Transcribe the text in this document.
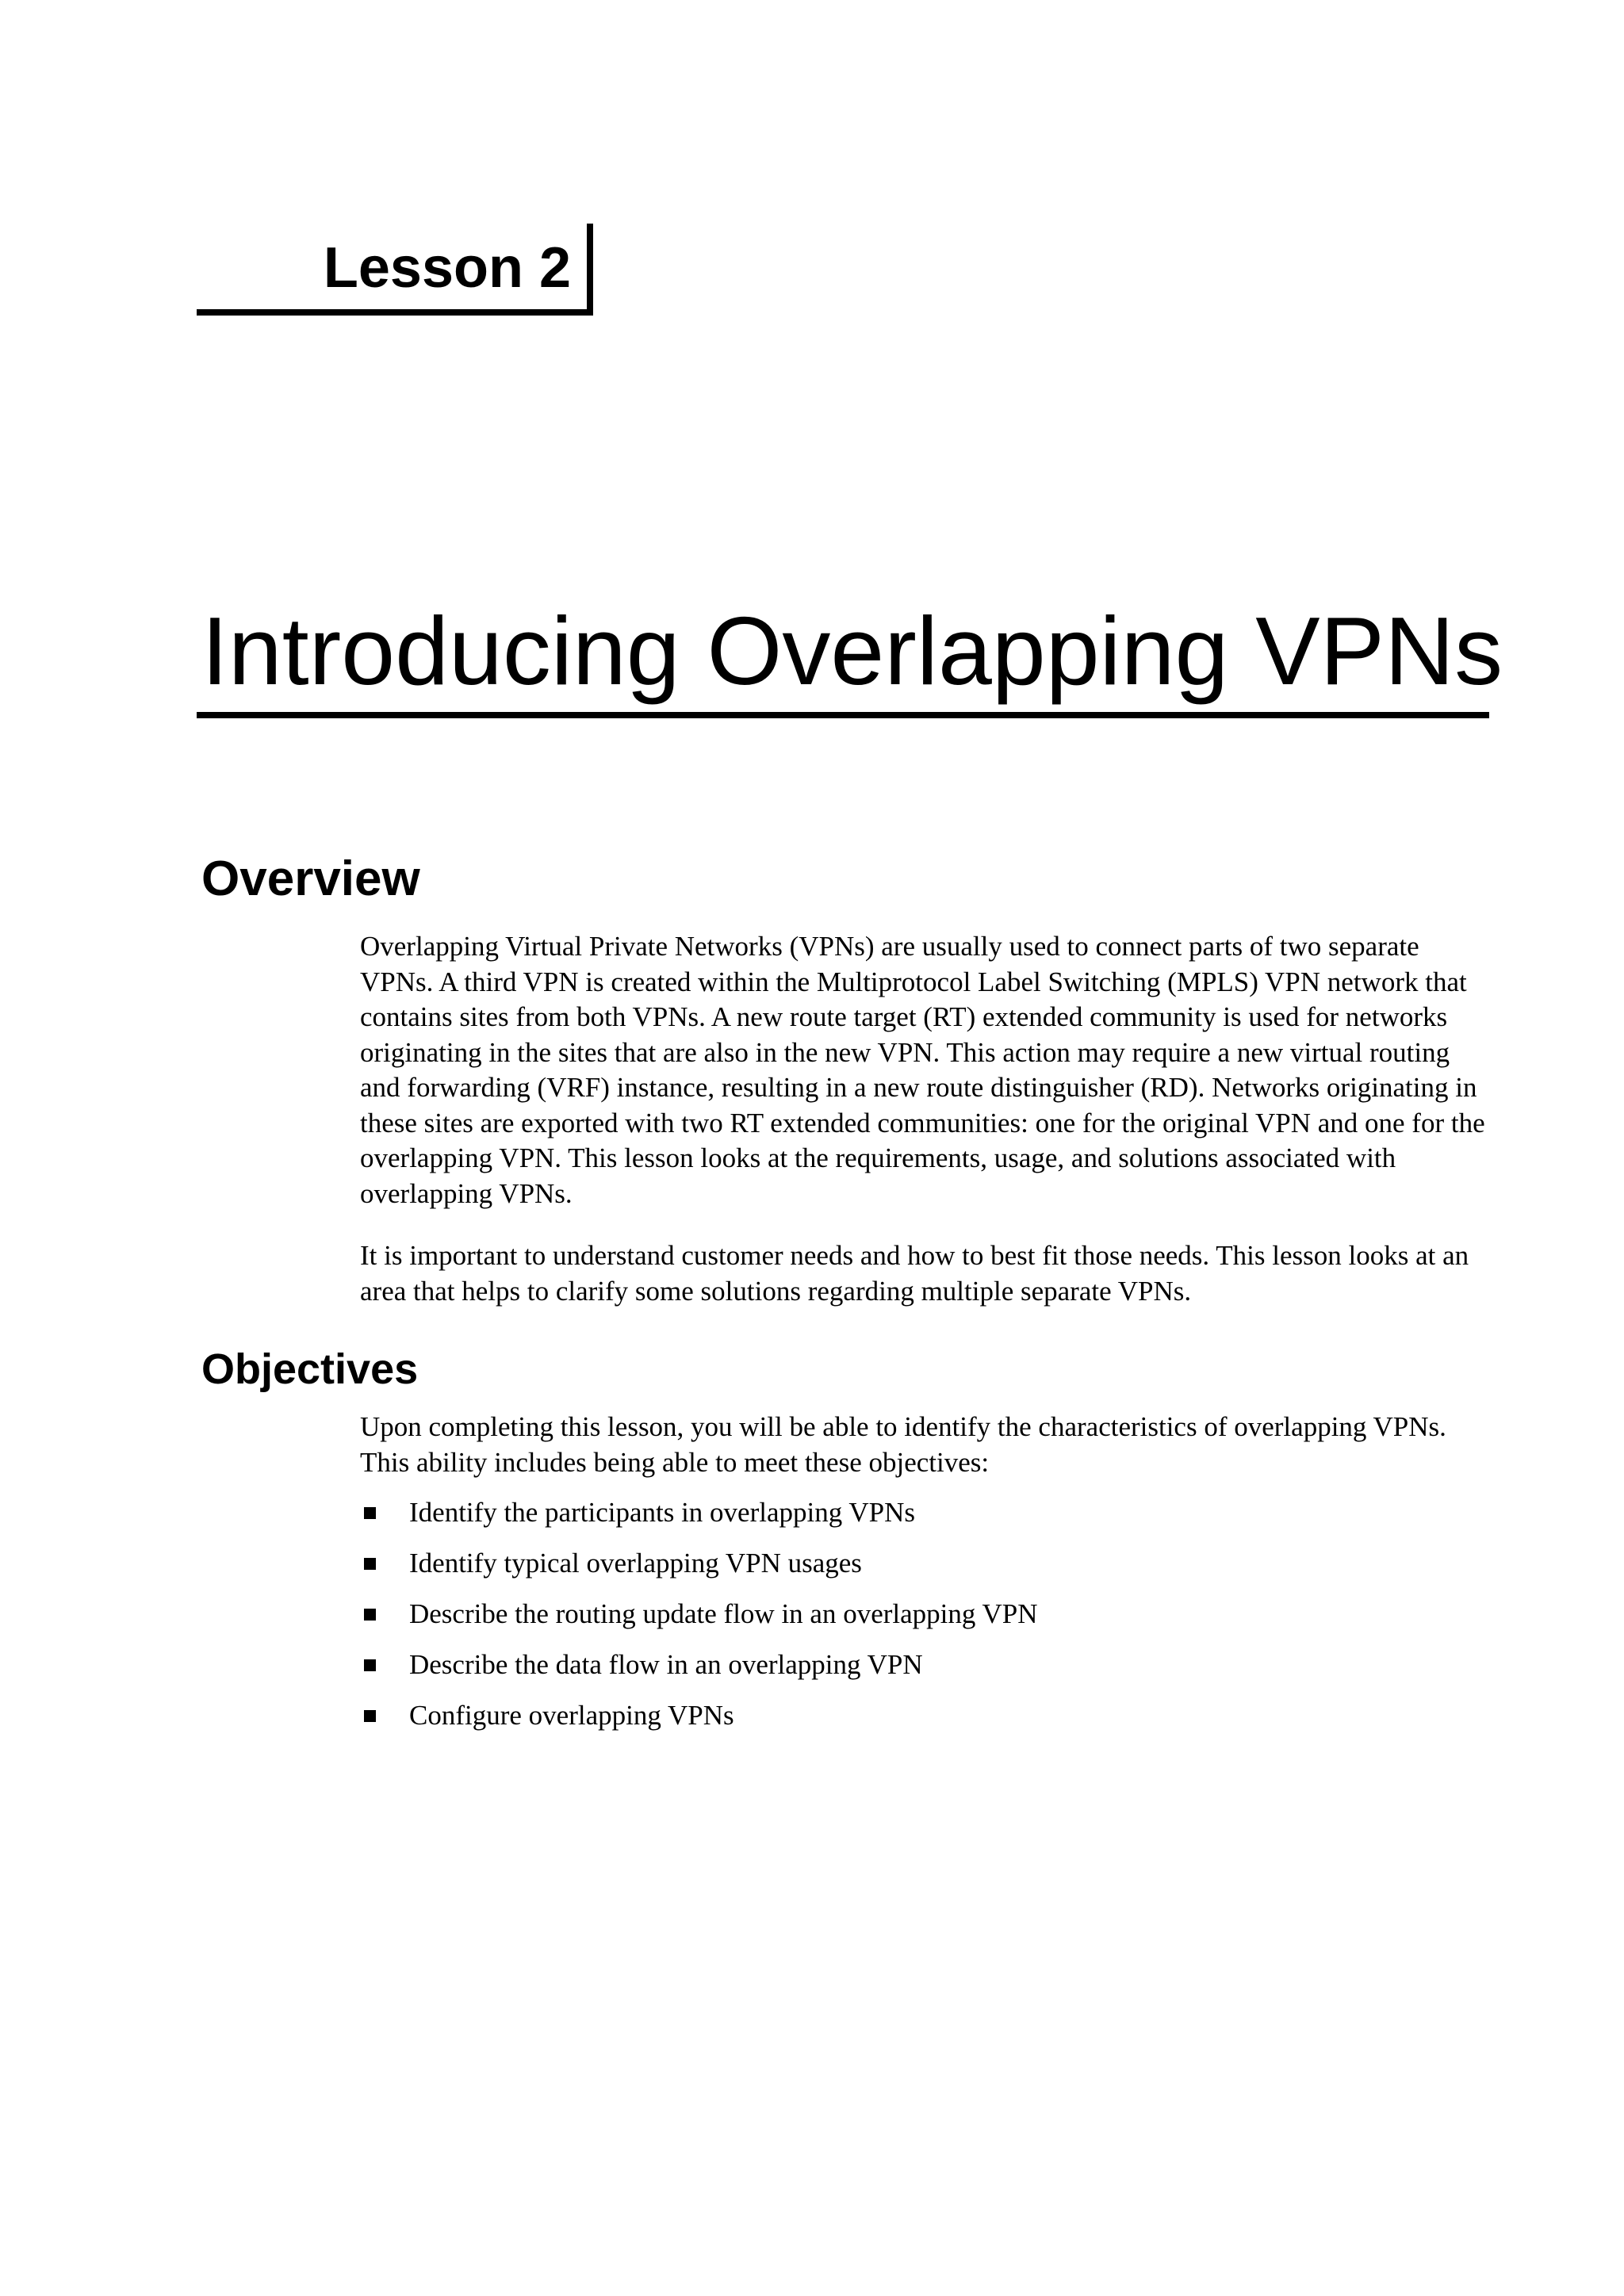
Lesson 2
Introducing Overlapping VPNs
Overview

Overlapping Virtual Private Networks (VPNs) are usually used to connect parts of two separate VPNs. A third VPN is created within the Multiprotocol Label Switching (MPLS) VPN network that contains sites from both VPNs. A new route target (RT) extended community is used for networks originating in the sites that are also in the new VPN. This action may require a new virtual routing and forwarding (VRF) instance, resulting in a new route distinguisher (RD). Networks originating in these sites are exported with two RT extended communities: one for the original VPN and one for the overlapping VPN. This lesson looks at the requirements, usage, and solutions associated with overlapping VPNs.

It is important to understand customer needs and how to best fit those needs. This lesson looks at an area that helps to clarify some solutions regarding multiple separate VPNs.

Objectives

Upon completing this lesson, you will be able to identify the characteristics of overlapping VPNs. This ability includes being able to meet these objectives:

Identify the participants in overlapping VPNs
Identify typical overlapping VPN usages
Describe the routing update flow in an overlapping VPN
Describe the data flow in an overlapping VPN
Configure overlapping VPNs
